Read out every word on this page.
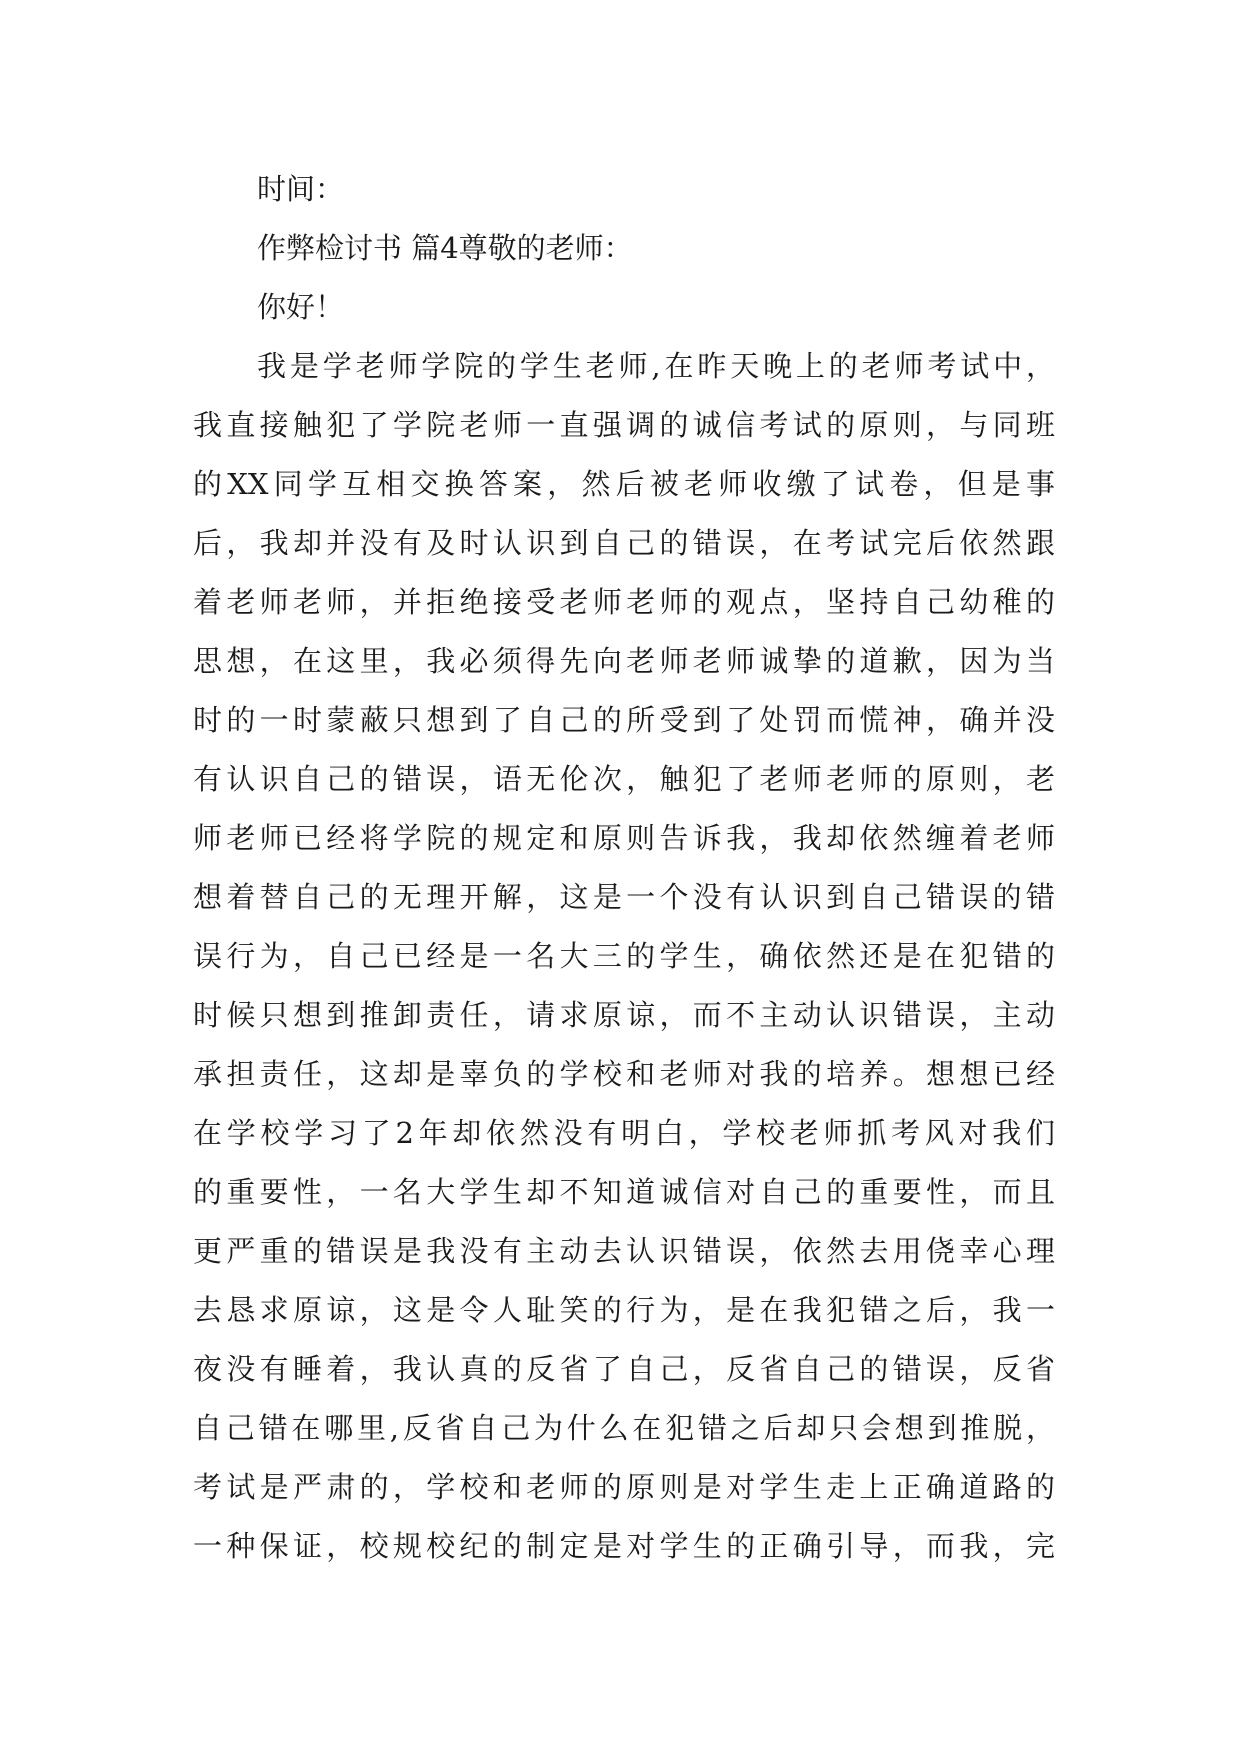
时间：
作弊检讨书 篇4尊敬的老师：
你好！
我是学老师学院的学生老师,在昨天晚上的老师考试中，
我直接触犯了学院老师一直强调的诚信考试的原则，与同班
的XX同学互相交换答案，然后被老师收缴了试卷，但是事
后，我却并没有及时认识到自己的错误，在考试完后依然跟
着老师老师，并拒绝接受老师老师的观点，坚持自己幼稚的
思想，在这里，我必须得先向老师老师诚挚的道歉，因为当
时的一时蒙蔽只想到了自己的所受到了处罚而慌神，确并没
有认识自己的错误，语无伦次，触犯了老师老师的原则，老
师老师已经将学院的规定和原则告诉我，我却依然缠着老师
想着替自己的无理开解，这是一个没有认识到自己错误的错
误行为，自己已经是一名大三的学生，确依然还是在犯错的
时候只想到推卸责任，请求原谅，而不主动认识错误，主动
承担责任，这却是辜负的学校和老师对我的培养。想想已经
在学校学习了2年却依然没有明白，学校老师抓考风对我们
的重要性，一名大学生却不知道诚信对自己的重要性，而且
更严重的错误是我没有主动去认识错误，依然去用侥幸心理
去恳求原谅，这是令人耻笑的行为，是在我犯错之后，我一
夜没有睡着，我认真的反省了自己，反省自己的错误，反省
自己错在哪里,反省自己为什么在犯错之后却只会想到推脱，
考试是严肃的，学校和老师的原则是对学生走上正确道路的
一种保证，校规校纪的制定是对学生的正确引导，而我，完
